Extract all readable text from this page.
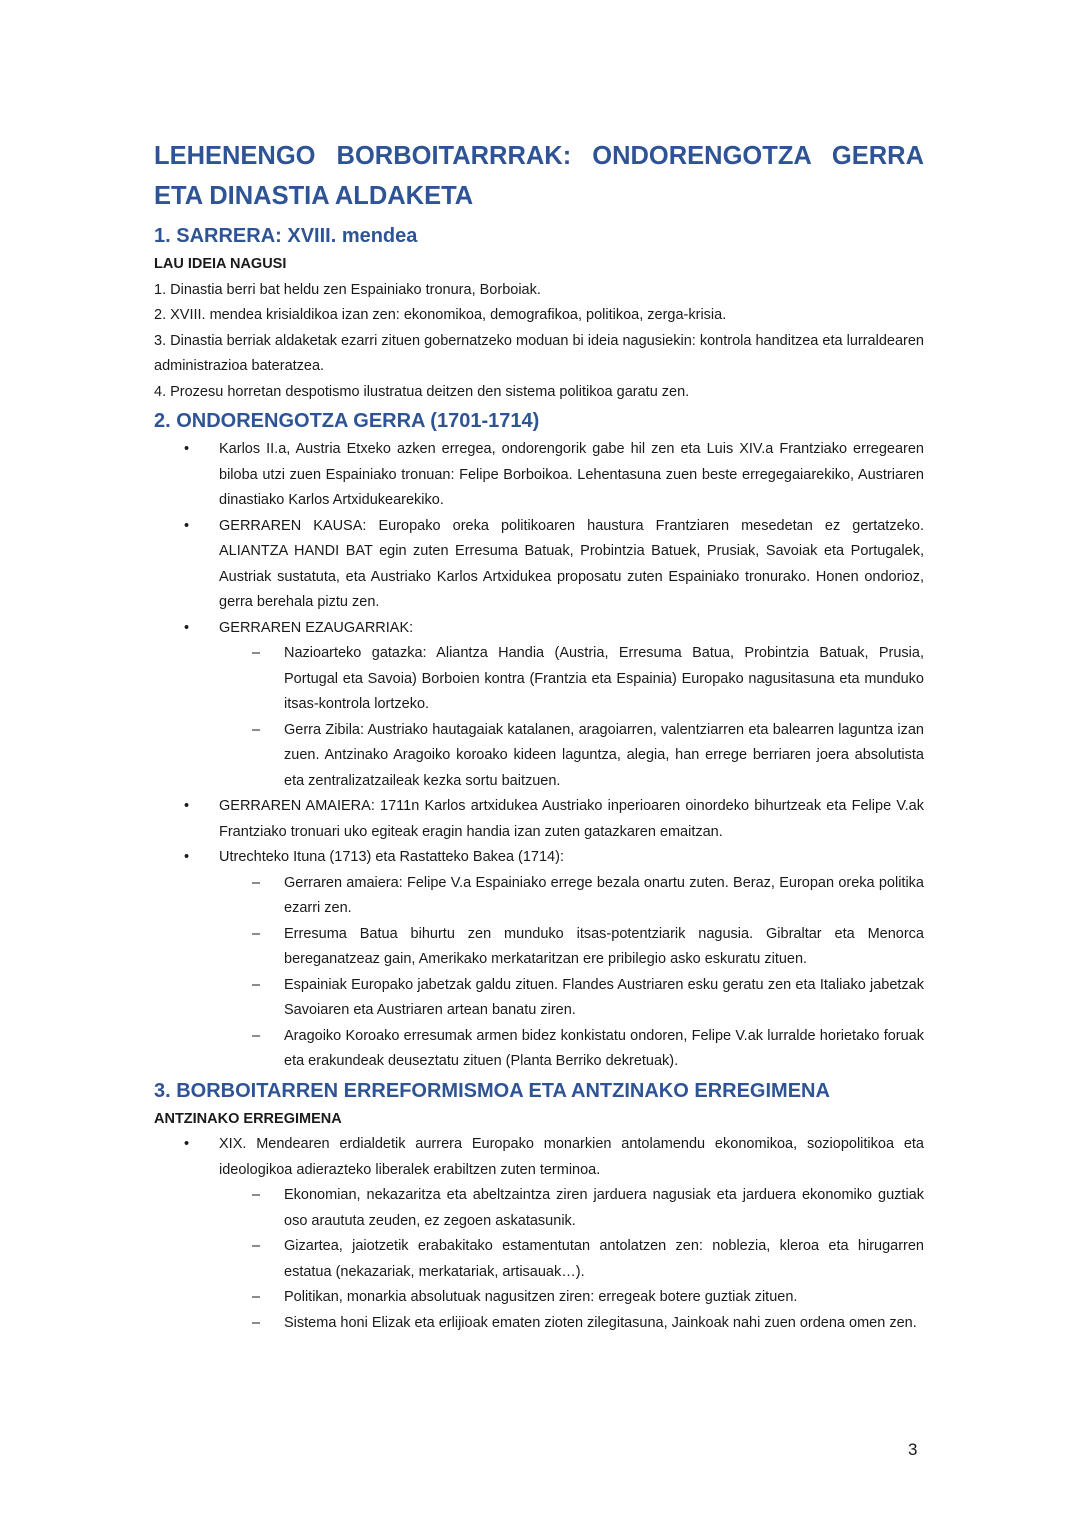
LEHENENGO BORBOITARRRAK: ONDORENGOTZA GERRA ETA DINASTIA ALDAKETA
1. SARRERA: XVIII. mendea
LAU IDEIA NAGUSI
1. Dinastia berri bat heldu zen Espainiako tronura, Borboiak.
2. XVIII. mendea krisialdikoa izan zen: ekonomikoa, demografikoa, politikoa, zerga-krisia.
3. Dinastia berriak aldaketak ezarri zituen gobernatzeko moduan bi ideia nagusiekin: kontrola handitzea eta lurraldearen administrazioa bateratzea.
4. Prozesu horretan despotismo ilustratua deitzen den sistema politikoa garatu zen.
2. ONDORENGOTZA GERRA (1701-1714)
• Karlos II.a, Austria Etxeko azken erregea, ondorengorik gabe hil zen eta Luis XIV.a Frantziako erregearen biloba utzi zuen Espainiako tronuan: Felipe Borboikoa. Lehentasuna zuen beste erregegaiarekiko, Austriaren dinastiako Karlos Artxidukearekiko.
• GERRAREN KAUSA: Europako oreka politikoaren haustura Frantziaren mesedetan ez gertatzeko. ALIANTZA HANDI BAT egin zuten Erresuma Batuak, Probintzia Batuek, Prusiak, Savoiak eta Portugalek, Austriak sustatuta, eta Austriako Karlos Artxidukea proposatu zuten Espainiako tronurako. Honen ondorioz, gerra berehala piztu zen.
• GERRAREN EZAUGARRIAK:
– Nazioarteko gatazka: Aliantza Handia (Austria, Erresuma Batua, Probintzia Batuak, Prusia, Portugal eta Savoia) Borboien kontra (Frantzia eta Espainia) Europako nagusitasuna eta munduko itsas-kontrola lortzeko.
– Gerra Zibila: Austriako hautagaiak katalanen, aragoiarren, valentziarren eta balearren laguntza izan zuen. Antzinako Aragoiko koroako kideen laguntza, alegia, han errege berriaren joera absolutista eta zentralizatzaileak kezka sortu baitzuen.
• GERRAREN AMAIERA: 1711n Karlos artxidukea Austriako inperioaren oinordeko bihurtzeak eta Felipe V.ak Frantziako tronuari uko egiteak eragin handia izan zuten gatazkaren emaitzan.
• Utrechteko Ituna (1713) eta Rastatteko Bakea (1714):
– Gerraren amaiera: Felipe V.a Espainiako errege bezala onartu zuten. Beraz, Europan oreka politika ezarri zen.
– Erresuma Batua bihurtu zen munduko itsas-potentziarik nagusia. Gibraltar eta Menorca bereganatzeaz gain, Amerikako merkataritzan ere pribilegio asko eskuratu zituen.
– Espainiak Europako jabetzak galdu zituen. Flandes Austriaren esku geratu zen eta Italiako jabetzak Savoiaren eta Austriaren artean banatu ziren.
– Aragoiko Koroako erresumak armen bidez konkistatu ondoren, Felipe V.ak lurralde horietako foruak eta erakundeak deuseztatu zituen (Planta Berriko dekretuak).
3. BORBOITARREN ERREFORMISMOA ETA ANTZINAKO ERREGIMENA
ANTZINAKO ERREGIMENA
• XIX. Mendearen erdialdetik aurrera Europako monarkien antolamendu ekonomikoa, soziopolitikoa eta ideologikoa adierazteko liberalek erabiltzen zuten terminoa.
– Ekonomian, nekazaritza eta abeltzaintza ziren jarduera nagusiak eta jarduera ekonomiko guztiak oso araututa zeuden, ez zegoen askatasunik.
– Gizartea, jaiotzetik erabakitako estamentutan antolatzen zen: noblezia, kleroa eta hirugarren estatua (nekazariak, merkatariak, artisauak…).
– Politikan, monarkia absolutuak nagusitzen ziren: erregeak botere guztiak zituen.
– Sistema honi Elizak eta erlijioak ematen zioten zilegitasuna, Jainkoak nahi zuen ordena omen zen.
3
